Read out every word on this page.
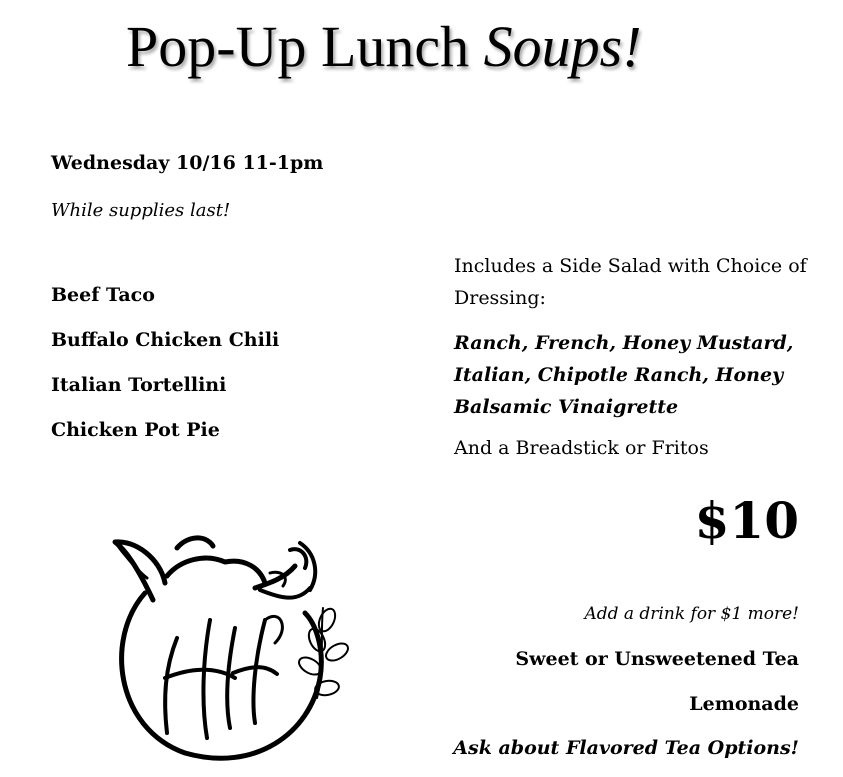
Pop-Up Lunch Soups!
Wednesday 10/16 11-1pm
While supplies last!
Beef Taco
Buffalo Chicken Chili
Italian Tortellini
Chicken Pot Pie
Includes a Side Salad with Choice of Dressing:
Ranch, French, Honey Mustard, Italian, Chipotle Ranch, Honey Balsamic Vinaigrette
And a Breadstick or Fritos
$10
Add a drink for $1 more!
Sweet or Unsweetened Tea
Lemonade
Ask about Flavored Tea Options!
